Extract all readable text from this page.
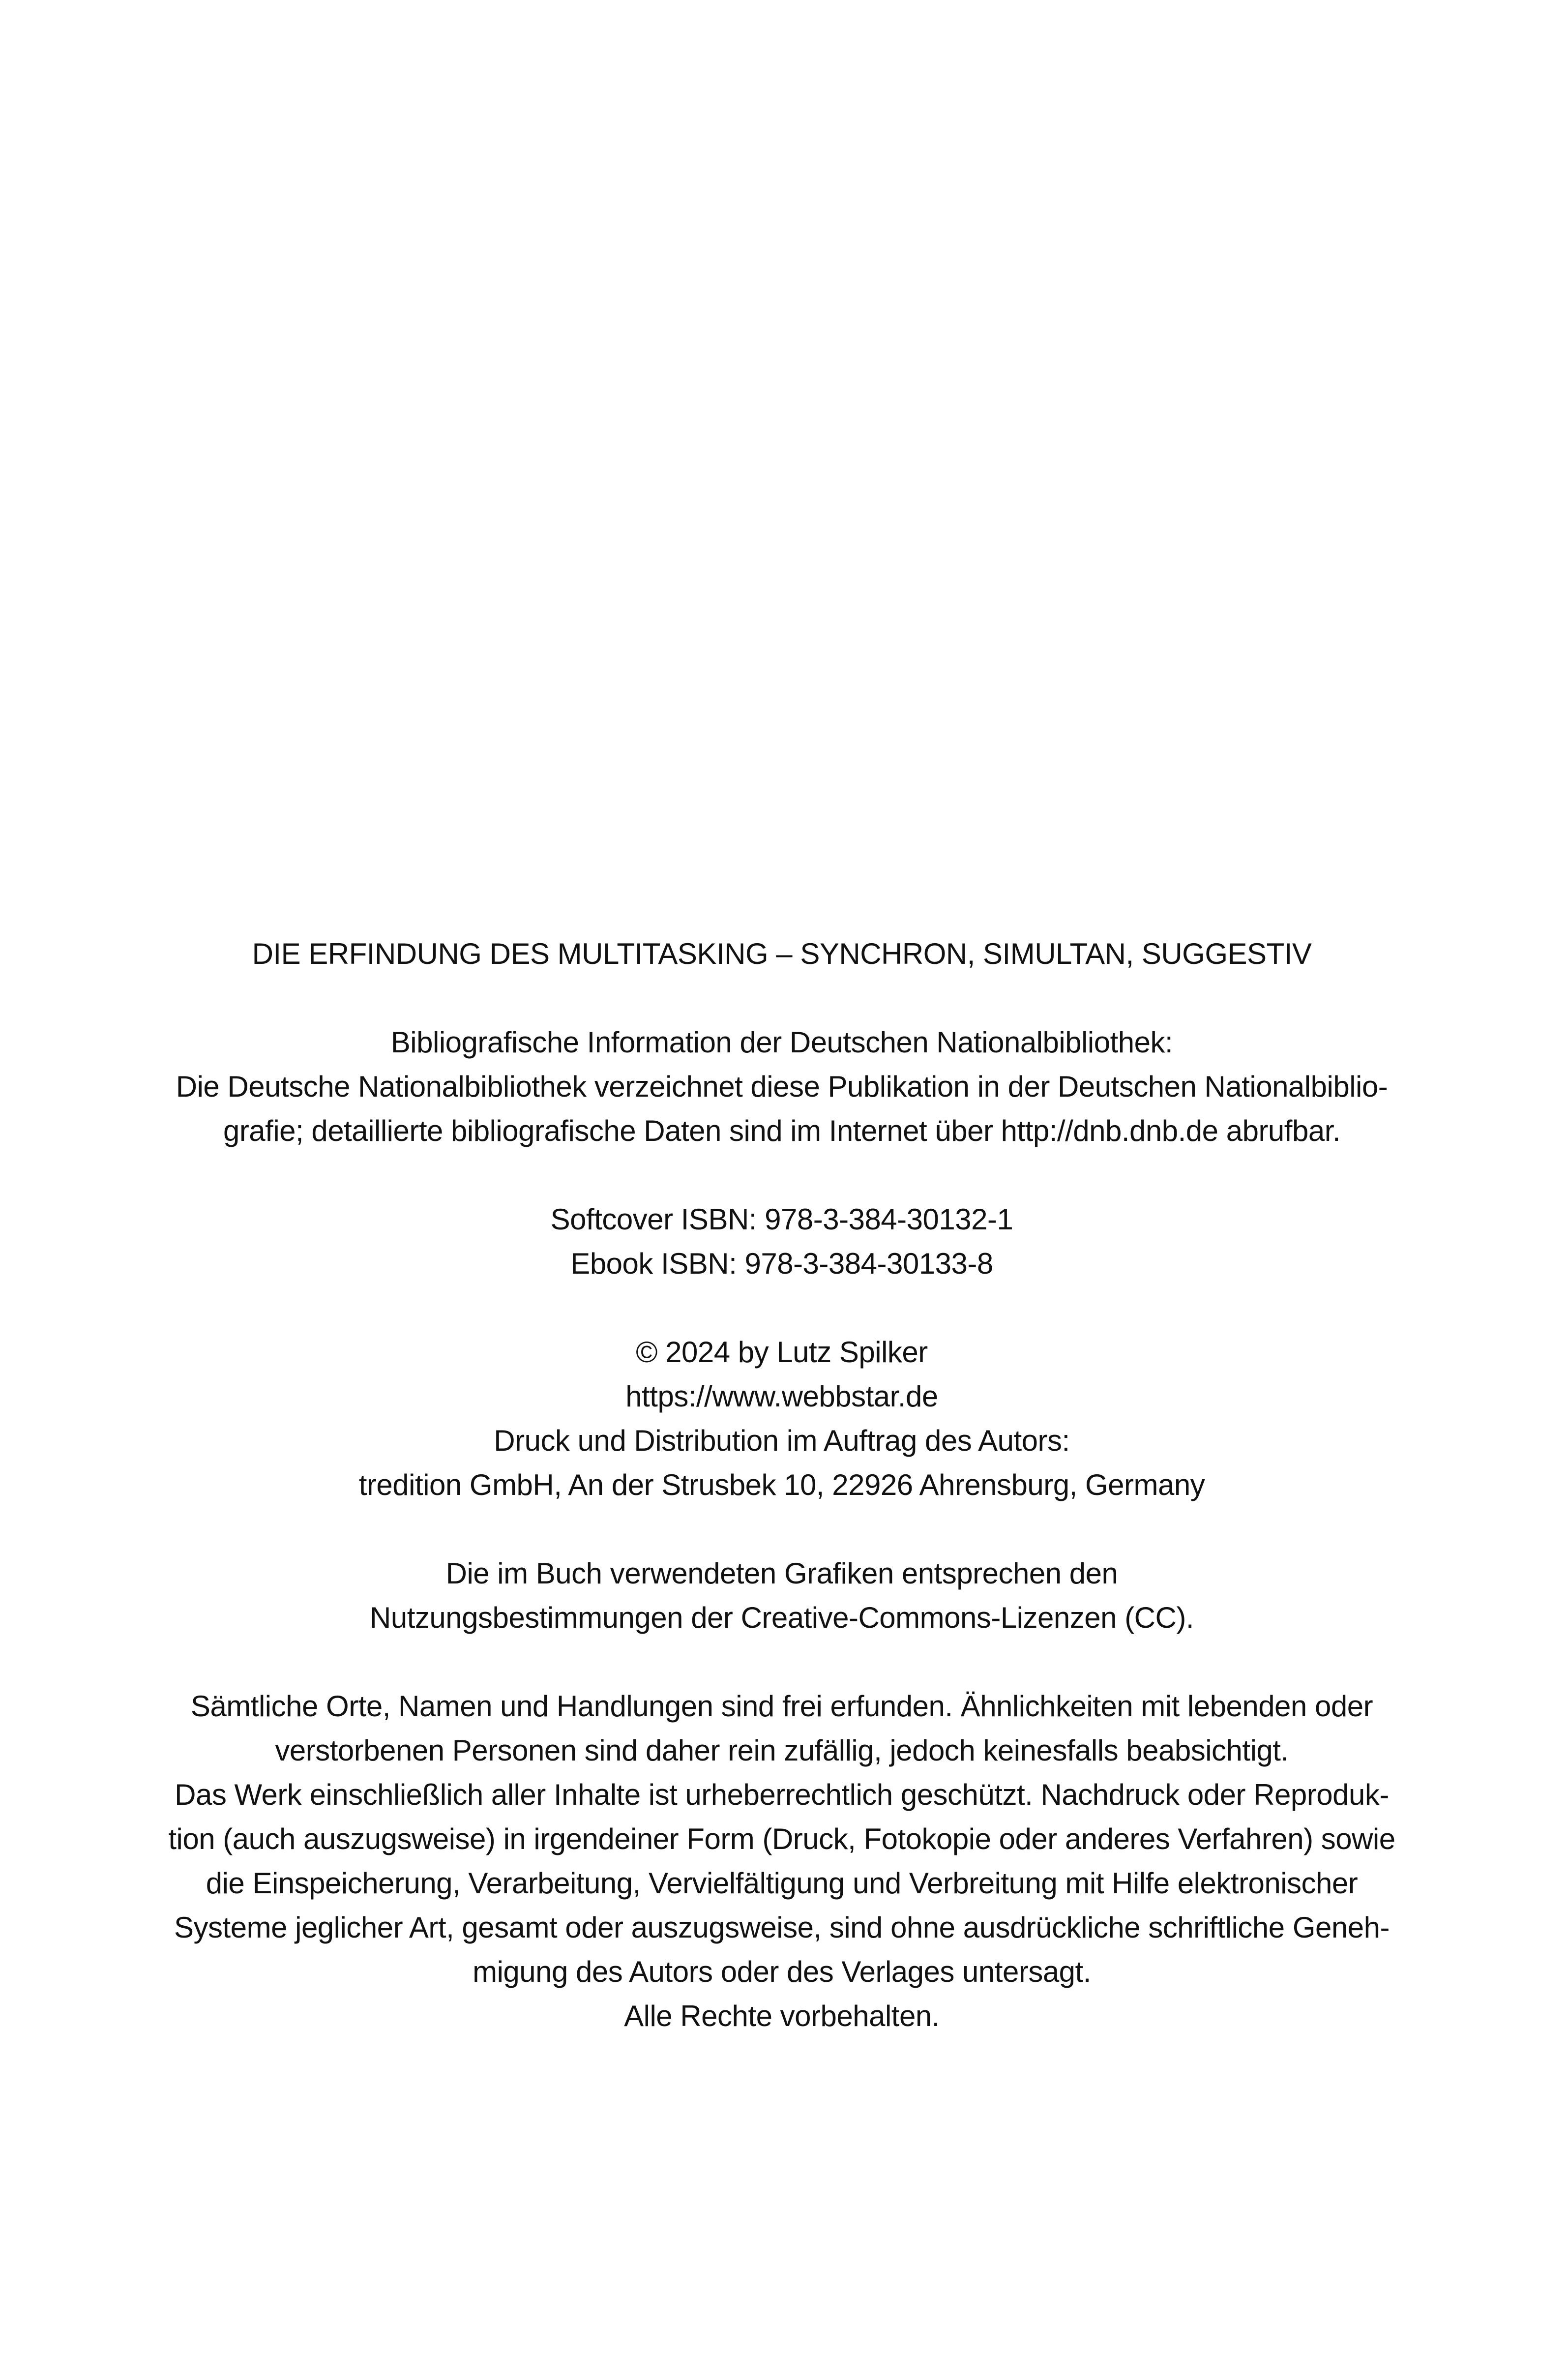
DIE ERFINDUNG DES MULTITASKING – SYNCHRON, SIMULTAN, SUGGESTIV
Bibliografische Information der Deutschen Nationalbibliothek:
Die Deutsche Nationalbibliothek verzeichnet diese Publikation in der Deutschen Nationalbiblio-
grafie; detaillierte bibliografische Daten sind im Internet über http://dnb.dnb.de abrufbar.
Softcover ISBN: 978-3-384-30132-1
Ebook ISBN: 978-3-384-30133-8
© 2024 by Lutz Spilker
https://www.webbstar.de
Druck und Distribution im Auftrag des Autors:
tredition GmbH, An der Strusbek 10, 22926 Ahrensburg, Germany
Die im Buch verwendeten Grafiken entsprechen den
Nutzungsbestimmungen der Creative-Commons-Lizenzen (CC).
Sämtliche Orte, Namen und Handlungen sind frei erfunden. Ähnlichkeiten mit lebenden oder
verstorbenen Personen sind daher rein zufällig, jedoch keinesfalls beabsichtigt.
Das Werk einschließlich aller Inhalte ist urheberrechtlich geschützt. Nachdruck oder Reproduk-
tion (auch auszugsweise) in irgendeiner Form (Druck, Fotokopie oder anderes Verfahren) sowie
die Einspeicherung, Verarbeitung, Vervielfältigung und Verbreitung mit Hilfe elektronischer
Systeme jeglicher Art, gesamt oder auszugsweise, sind ohne ausdrückliche schriftliche Geneh-
migung des Autors oder des Verlages untersagt.
Alle Rechte vorbehalten.
